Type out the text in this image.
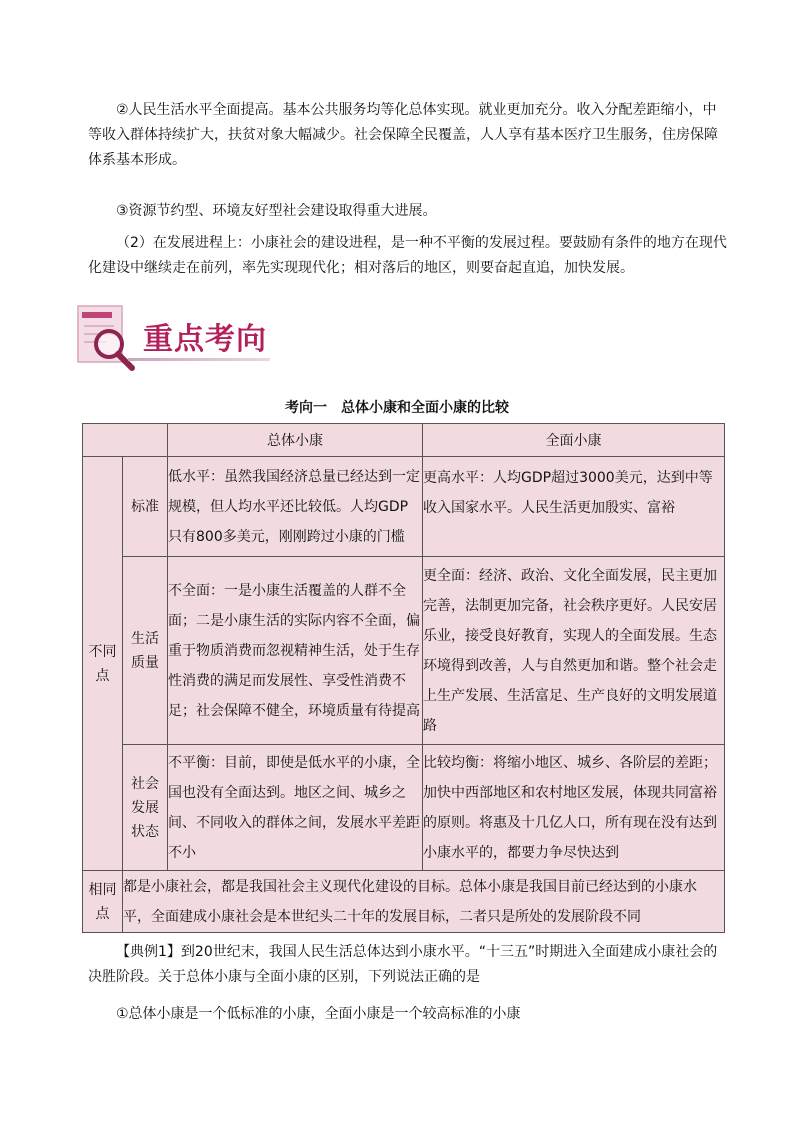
②人民生活水平全面提高。基本公共服务均等化总体实现。就业更加充分。收入分配差距缩小，中等收入群体持续扩大，扶贫对象大幅减少。社会保障全民覆盖，人人享有基本医疗卫生服务，住房保障体系基本形成。

③资源节约型、环境友好型社会建设取得重大进展。

（2）在发展进程上：小康社会的建设进程，是一种不平衡的发展过程。要鼓励有条件的地方在现代化建设中继续走在前列，率先实现现代化；相对落后的地区，则要奋起直追，加快发展。

重点考向
考向一　总体小康和全面小康的比较
		总体小康	全面小康
不同点	标准	低水平：虽然我国经济总量已经达到一定规模，但人均水平还比较低。人均GDP只有800多美元，刚刚跨过小康的门槛	更高水平：人均GDP超过3000美元，达到中等收入国家水平。人民生活更加殷实、富裕
	生活质量	不全面：一是小康生活覆盖的人群不全面；二是小康生活的实际内容不全面，偏重于物质消费而忽视精神生活，处于生存性消费的满足而发展性、享受性消费不足；社会保障不健全，环境质量有待提高	更全面：经济、政治、文化全面发展，民主更加完善，法制更加完备，社会秩序更好。人民安居乐业，接受良好教育，实现人的全面发展。生态环境得到改善，人与自然更加和谐。整个社会走上生产发展、生活富足、生产良好的文明发展道路
	社会发展状态	不平衡：目前，即使是低水平的小康，全国也没有全面达到。地区之间、城乡之间、不同收入的群体之间，发展水平差距不小	比较均衡：将缩小地区、城乡、各阶层的差距；加快中西部地区和农村地区发展，体现共同富裕的原则。将惠及十几亿人口，所有现在没有达到小康水平的，都要力争尽快达到
相同点	都是小康社会，都是我国社会主义现代化建设的目标。总体小康是我国目前已经达到的小康水平，全面建成小康社会是本世纪头二十年的发展目标，二者只是所处的发展阶段不同		

【典例1】到20世纪末，我国人民生活总体达到小康水平。“十三五”时期进入全面建成小康社会的决胜阶段。关于总体小康与全面小康的区别，下列说法正确的是

①总体小康是一个低标准的小康，全面小康是一个较高标准的小康
